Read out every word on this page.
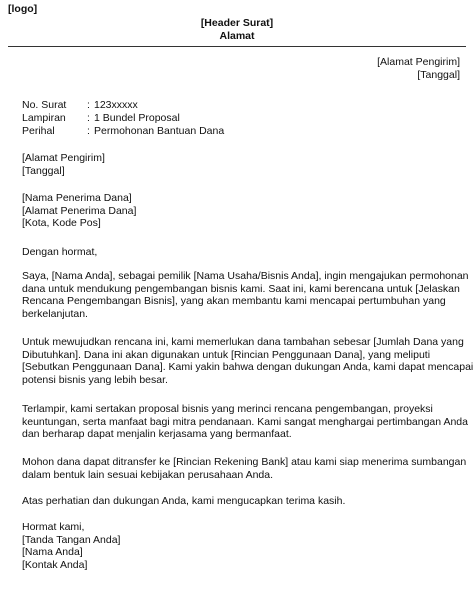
[logo]
[Header Surat]
Alamat
[Alamat Pengirim]
[Tanggal]
No. Surat	: 123xxxxx
Lampiran	: 1 Bundel Proposal
Perihal	: Permohonan Bantuan Dana
[Alamat Pengirim]
[Tanggal]
[Nama Penerima Dana]
[Alamat Penerima Dana]
[Kota, Kode Pos]
Dengan hormat,
Saya, [Nama Anda], sebagai pemilik [Nama Usaha/Bisnis Anda], ingin mengajukan permohonan
dana untuk mendukung pengembangan bisnis kami. Saat ini, kami berencana untuk [Jelaskan
Rencana Pengembangan Bisnis], yang akan membantu kami mencapai pertumbuhan yang
berkelanjutan.
Untuk mewujudkan rencana ini, kami memerlukan dana tambahan sebesar [Jumlah Dana yang
Dibutuhkan]. Dana ini akan digunakan untuk [Rincian Penggunaan Dana], yang meliputi
[Sebutkan Penggunaan Dana]. Kami yakin bahwa dengan dukungan Anda, kami dapat mencapai
potensi bisnis yang lebih besar.
Terlampir, kami sertakan proposal bisnis yang merinci rencana pengembangan, proyeksi
keuntungan, serta manfaat bagi mitra pendanaan. Kami sangat menghargai pertimbangan Anda
dan berharap dapat menjalin kerjasama yang bermanfaat.
Mohon dana dapat ditransfer ke [Rincian Rekening Bank] atau kami siap menerima sumbangan
dalam bentuk lain sesuai kebijakan perusahaan Anda.
Atas perhatian dan dukungan Anda, kami mengucapkan terima kasih.
Hormat kami,
[Tanda Tangan Anda]
[Nama Anda]
[Kontak Anda]
